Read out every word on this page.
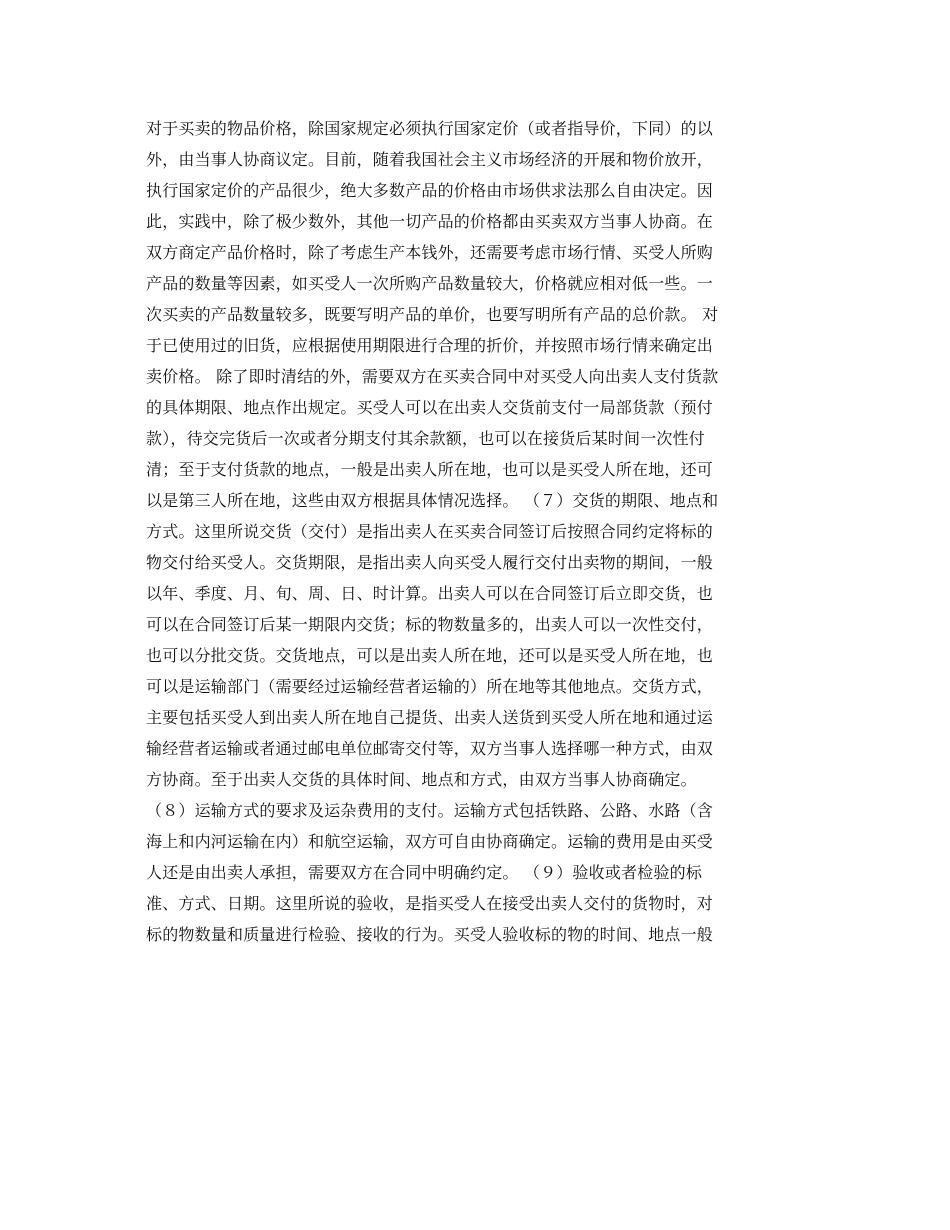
对于买卖的物品价格，除国家规定必须执行国家定价（或者指导价，下同）的以
外，由当事人协商议定。目前，随着我国社会主义市场经济的开展和物价放开，
执行国家定价的产品很少，绝大多数产品的价格由市场供求法那么自由决定。因
此，实践中，除了极少数外，其他一切产品的价格都由买卖双方当事人协商。在
双方商定产品价格时，除了考虑生产本钱外，还需要考虑市场行情、买受人所购
产品的数量等因素，如买受人一次所购产品数量较大，价格就应相对低一些。一
次买卖的产品数量较多，既要写明产品的单价，也要写明所有产品的总价款。 对
于已使用过的旧货，应根据使用期限进行合理的折价，并按照市场行情来确定出
卖价格。 除了即时清结的外，需要双方在买卖合同中对买受人向出卖人支付货款
的具体期限、地点作出规定。买受人可以在出卖人交货前支付一局部货款（预付
款），待交完货后一次或者分期支付其余款额，也可以在接货后某时间一次性付
清；至于支付货款的地点，一般是出卖人所在地，也可以是买受人所在地，还可
以是第三人所在地，这些由双方根据具体情况选择。 （７）交货的期限、地点和
方式。这里所说交货（交付）是指出卖人在买卖合同签订后按照合同约定将标的
物交付给买受人。交货期限，是指出卖人向买受人履行交付出卖物的期间，一般
以年、季度、月、旬、周、日、时计算。出卖人可以在合同签订后立即交货，也
可以在合同签订后某一期限内交货；标的物数量多的，出卖人可以一次性交付，
也可以分批交货。交货地点，可以是出卖人所在地，还可以是买受人所在地，也
可以是运输部门（需要经过运输经营者运输的）所在地等其他地点。交货方式，
主要包括买受人到出卖人所在地自己提货、出卖人送货到买受人所在地和通过运
输经营者运输或者通过邮电单位邮寄交付等，双方当事人选择哪一种方式，由双
方协商。至于出卖人交货的具体时间、地点和方式，由双方当事人协商确定。
（８）运输方式的要求及运杂费用的支付。运输方式包括铁路、公路、水路（含
海上和内河运输在内）和航空运输，双方可自由协商确定。运输的费用是由买受
人还是由出卖人承担，需要双方在合同中明确约定。 （９）验收或者检验的标
准、方式、日期。这里所说的验收，是指买受人在接受出卖人交付的货物时，对
标的物数量和质量进行检验、接收的行为。买受人验收标的物的时间、地点一般
